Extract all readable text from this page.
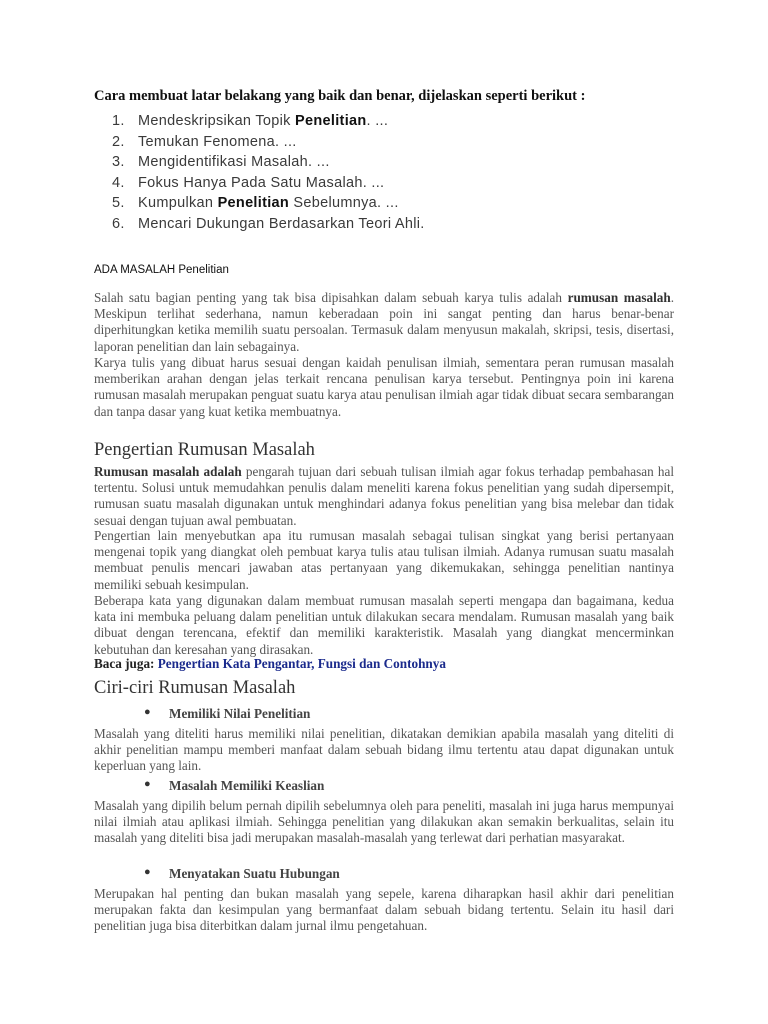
Cara membuat latar belakang yang baik dan benar, dijelaskan seperti berikut :
1. Mendeskripsikan Topik Penelitian. ...
2. Temukan Fenomena. ...
3. Mengidentifikasi Masalah. ...
4. Fokus Hanya Pada Satu Masalah. ...
5. Kumpulkan Penelitian Sebelumnya. ...
6. Mencari Dukungan Berdasarkan Teori Ahli.
ADA MASALAH Penelitian

Salah satu bagian penting yang tak bisa dipisahkan dalam sebuah karya tulis adalah rumusan masalah. Meskipun terlihat sederhana, namun keberadaan poin ini sangat penting dan harus benar-benar diperhitungkan ketika memilih suatu persoalan. Termasuk dalam menyusun makalah, skripsi, tesis, disertasi, laporan penelitian dan lain sebagainya.

Karya tulis yang dibuat harus sesuai dengan kaidah penulisan ilmiah, sementara peran rumusan masalah memberikan arahan dengan jelas terkait rencana penulisan karya tersebut. Pentingnya poin ini karena rumusan masalah merupakan penguat suatu karya atau penulisan ilmiah agar tidak dibuat secara sembarangan dan tanpa dasar yang kuat ketika membuatnya.

Pengertian Rumusan Masalah

Rumusan masalah adalah pengarah tujuan dari sebuah tulisan ilmiah agar fokus terhadap pembahasan hal tertentu. Solusi untuk memudahkan penulis dalam meneliti karena fokus penelitian yang sudah dipersempit, rumusan suatu masalah digunakan untuk menghindari adanya fokus penelitian yang bisa melebar dan tidak sesuai dengan tujuan awal pembuatan.

Pengertian lain menyebutkan apa itu rumusan masalah sebagai tulisan singkat yang berisi pertanyaan mengenai topik yang diangkat oleh pembuat karya tulis atau tulisan ilmiah. Adanya rumusan suatu masalah membuat penulis mencari jawaban atas pertanyaan yang dikemukakan, sehingga penelitian nantinya memiliki sebuah kesimpulan.

Beberapa kata yang digunakan dalam membuat rumusan masalah seperti mengapa dan bagaimana, kedua kata ini membuka peluang dalam penelitian untuk dilakukan secara mendalam. Rumusan masalah yang baik dibuat dengan terencana, efektif dan memiliki karakteristik. Masalah yang diangkat mencerminkan kebutuhan dan keresahan yang dirasakan.

Baca juga: Pengertian Kata Pengantar, Fungsi dan Contohnya
Ciri-ciri Rumusan Masalah
● Memiliki Nilai Penelitian

Masalah yang diteliti harus memiliki nilai penelitian, dikatakan demikian apabila masalah yang diteliti di akhir penelitian mampu memberi manfaat dalam sebuah bidang ilmu tertentu atau dapat digunakan untuk keperluan yang lain.

● Masalah Memiliki Keaslian

Masalah yang dipilih belum pernah dipilih sebelumnya oleh para peneliti, masalah ini juga harus mempunyai nilai ilmiah atau aplikasi ilmiah. Sehingga penelitian yang dilakukan akan semakin berkualitas, selain itu masalah yang diteliti bisa jadi merupakan masalah-masalah yang terlewat dari perhatian masyarakat.

● Menyatakan Suatu Hubungan

Merupakan hal penting dan bukan masalah yang sepele, karena diharapkan hasil akhir dari penelitian merupakan fakta dan kesimpulan yang bermanfaat dalam sebuah bidang tertentu. Selain itu hasil dari penelitian juga bisa diterbitkan dalam jurnal ilmu pengetahuan.
